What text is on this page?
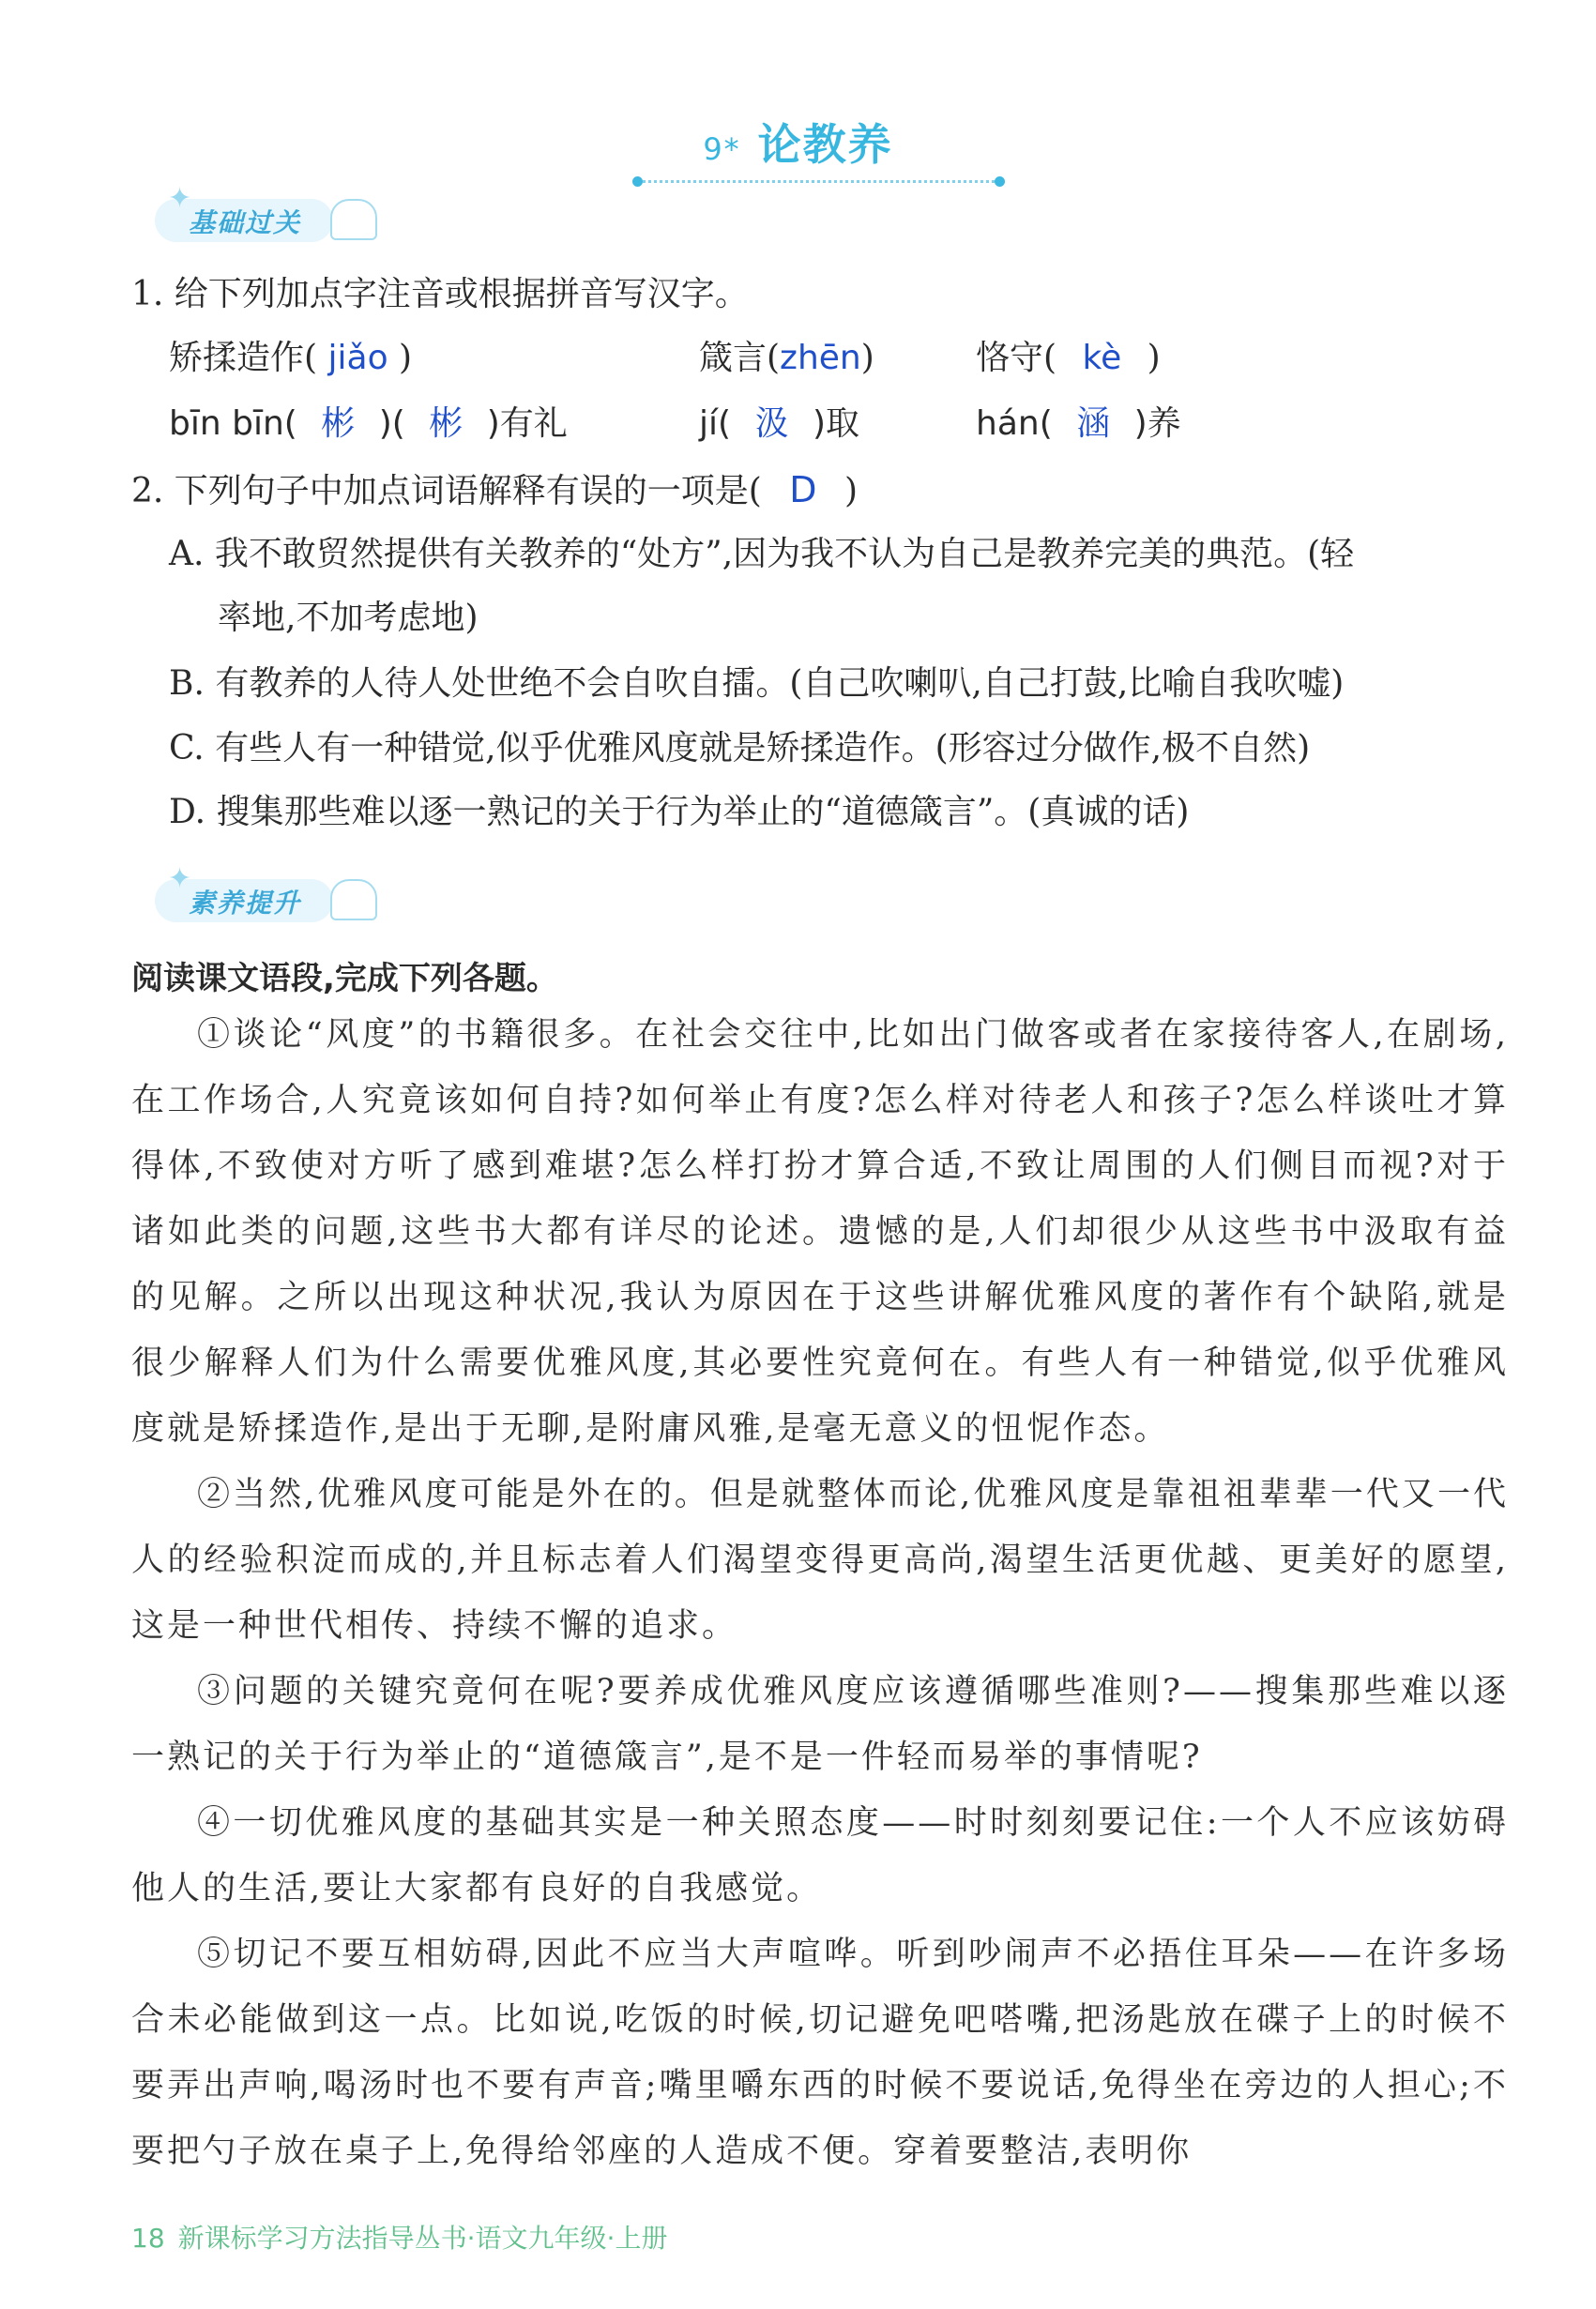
9* 论教养
✦
基础过关
1. 给下列加点字注音或根据拼音写汉字。
矫揉造作( jiǎo )	箴言(zhēn)	恪守( kè )
bīn bīn( 彬 )( 彬 )有礼	jí( 汲 )取	hán( 涵 )养
2. 下列句子中加点词语解释有误的一项是( D )
A. 我不敢贸然提供有关教养的“处方”,因为我不认为自己是教养完美的典范。(轻
率地,不加考虑地)
B. 有教养的人待人处世绝不会自吹自擂。(自己吹喇叭,自己打鼓,比喻自我吹嘘)
C. 有些人有一种错觉,似乎优雅风度就是矫揉造作。(形容过分做作,极不自然)
D. 搜集那些难以逐一熟记的关于行为举止的“道德箴言”。(真诚的话)
✦
素养提升
阅读课文语段,完成下列各题。
①谈论“风度”的书籍很多。在社会交往中,比如出门做客或者在家接待客人,在剧场,在工作场合,人究竟该如何自持?如何举止有度?怎么样对待老人和孩子?怎么样谈吐才算得体,不致使对方听了感到难堪?怎么样打扮才算合适,不致让周围的人们侧目而视?对于诸如此类的问题,这些书大都有详尽的论述。遗憾的是,人们却很少从这些书中汲取有益的见解。之所以出现这种状况,我认为原因在于这些讲解优雅风度的著作有个缺陷,就是很少解释人们为什么需要优雅风度,其必要性究竟何在。有些人有一种错觉,似乎优雅风度就是矫揉造作,是出于无聊,是附庸风雅,是毫无意义的忸怩作态。
②当然,优雅风度可能是外在的。但是就整体而论,优雅风度是靠祖祖辈辈一代又一代人的经验积淀而成的,并且标志着人们渴望变得更高尚,渴望生活更优越、更美好的愿望,这是一种世代相传、持续不懈的追求。
③问题的关键究竟何在呢?要养成优雅风度应该遵循哪些准则?——搜集那些难以逐一熟记的关于行为举止的“道德箴言”,是不是一件轻而易举的事情呢?
④一切优雅风度的基础其实是一种关照态度——时时刻刻要记住:一个人不应该妨碍他人的生活,要让大家都有良好的自我感觉。
⑤切记不要互相妨碍,因此不应当大声喧哗。听到吵闹声不必捂住耳朵——在许多场合未必能做到这一点。比如说,吃饭的时候,切记避免吧嗒嘴,把汤匙放在碟子上的时候不要弄出声响,喝汤时也不要有声音;嘴里嚼东西的时候不要说话,免得坐在旁边的人担心;不要把勺子放在桌子上,免得给邻座的人造成不便。穿着要整洁,表明你
18 新课标学习方法指导丛书·语文九年级·上册
